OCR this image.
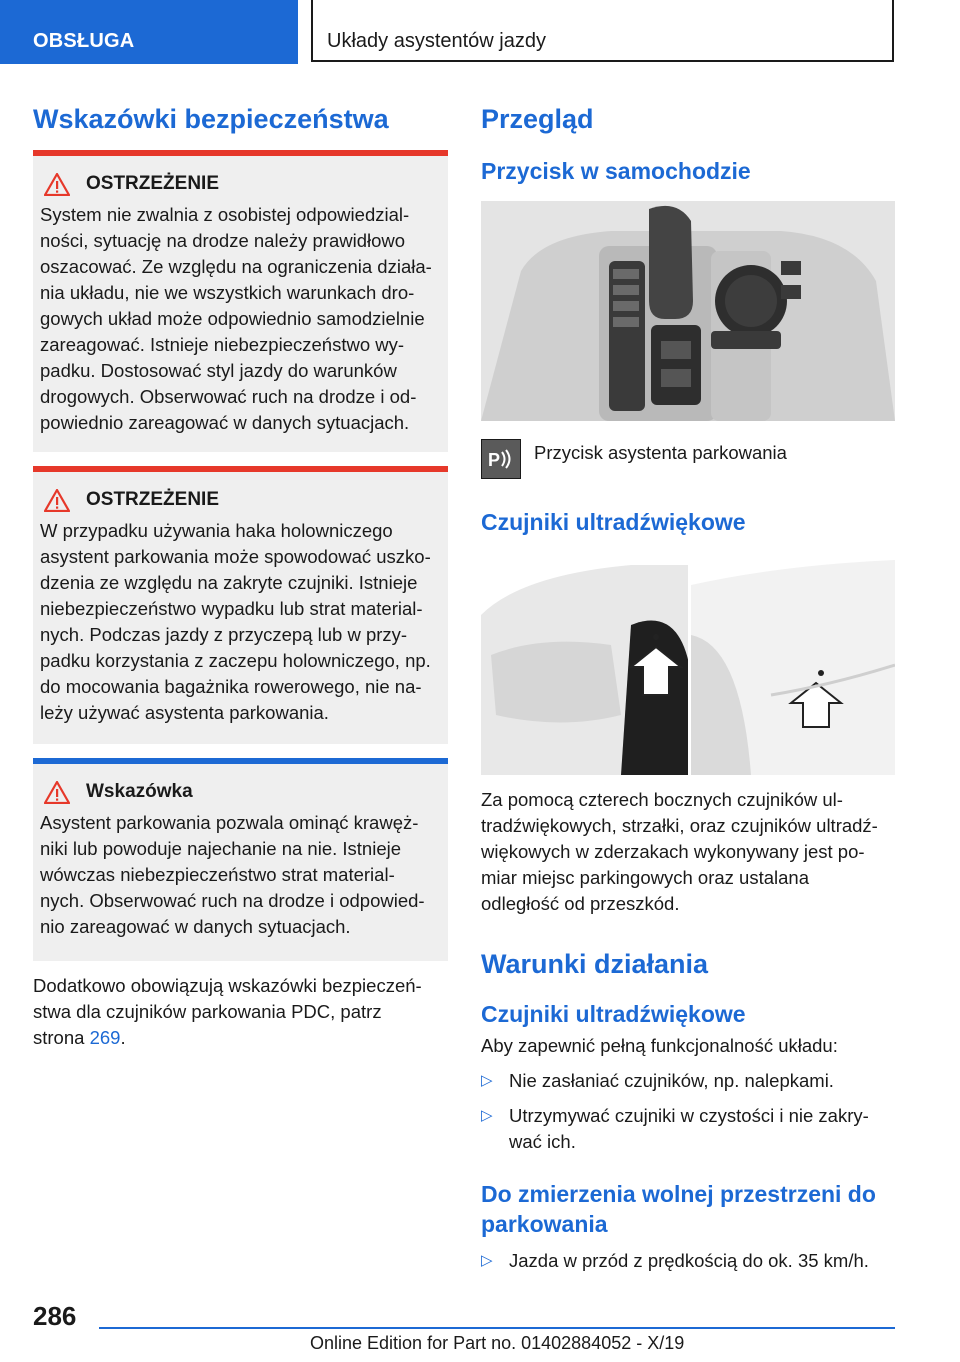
OBSŁUGA	Układy asystentów jazdy
Wskazówki bezpieczeństwa
OSTRZEŻENIE
System nie zwalnia z osobistej odpowiedzial-
ności, sytuację na drodze należy prawidłowo
oszacować. Ze względu na ograniczenia działa-
nia układu, nie we wszystkich warunkach dro-
gowych układ może odpowiednio samodzielnie
zareagować. Istnieje niebezpieczeństwo wy-
padku. Dostosować styl jazdy do warunków
drogowych. Obserwować ruch na drodze i od-
powiednio zareagować w danych sytuacjach.
OSTRZEŻENIE
W przypadku używania haka holowniczego
asystent parkowania może spowodować uszko-
dzenia ze względu na zakryte czujniki. Istnieje
niebezpieczeństwo wypadku lub strat material-
nych. Podczas jazdy z przyczepą lub w przy-
padku korzystania z zaczepu holowniczego, np.
do mocowania bagażnika rowerowego, nie na-
leży używać asystenta parkowania.
Wskazówka
Asystent parkowania pozwala ominąć krawęż-
niki lub powoduje najechanie na nie. Istnieje
wówczas niebezpieczeństwo strat material-
nych. Obserwować ruch na drodze i odpowied-
nio zareagować w danych sytuacjach.
Dodatkowo obowiązują wskazówki bezpieczeń-
stwa dla czujników parkowania PDC, patrz
strona 269.
Przegląd
Przycisk w samochodzie
P Przycisk asystenta parkowania
Czujniki ultradźwiękowe
Za pomocą czterech bocznych czujników ul-
tradźwiękowych, strzałki, oraz czujników ultradź-
więkowych w zderzakach wykonywany jest po-
miar miejsc parkingowych oraz ustalana
odległość od przeszkód.
Warunki działania
Czujniki ultradźwiękowe
Aby zapewnić pełną funkcjonalność układu:
▷ Nie zasłaniać czujników, np. nalepkami.
▷ Utrzymywać czujniki w czystości i nie zakry-
wać ich.
Do zmierzenia wolnej przestrzeni do
parkowania
▷ Jazda w przód z prędkością do ok. 35 km/h.
286
Online Edition for Part no. 01402884052 - X/19
